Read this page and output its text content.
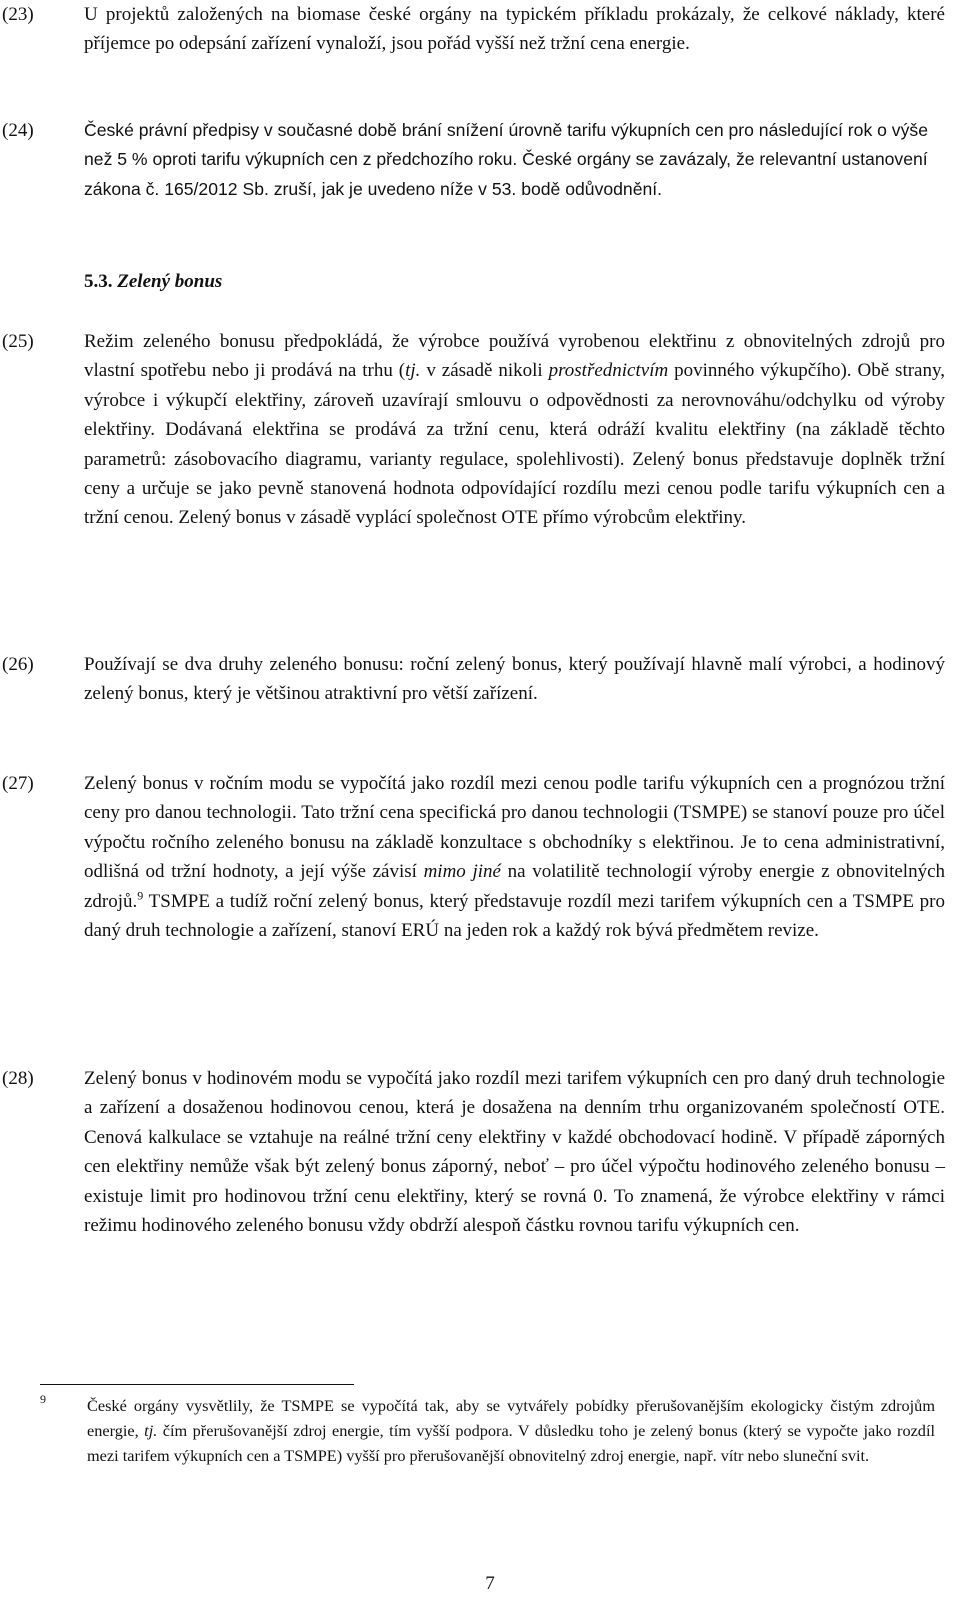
(23)	U projektů založených na biomase české orgány na typickém příkladu prokázaly, že celkové náklady, které příjemce po odepsání zařízení vynaloží, jsou pořád vyšší než tržní cena energie.
(24)	České právní předpisy v současné době brání snížení úrovně tarifu výkupních cen pro následující rok o výše než 5 % oproti tarifu výkupních cen z předchozího roku. České orgány se zavázaly, že relevantní ustanovení zákona č. 165/2012 Sb. zruší, jak je uvedeno níže v 53. bodě odůvodnění.
5.3. Zelený bonus
(25)	Režim zeleného bonusu předpokládá, že výrobce používá vyrobenou elektřinu z obnovitelných zdrojů pro vlastní spotřebu nebo ji prodává na trhu (tj. v zásadě nikoli prostřednictvím povinného výkupčího). Obě strany, výrobce i výkupčí elektřiny, zároveň uzavírají smlouvu o odpovědnosti za nerovnováhu/odchylku od výroby elektřiny. Dodávaná elektřina se prodává za tržní cenu, která odráží kvalitu elektřiny (na základě těchto parametrů: zásobovacího diagramu, varianty regulace, spolehlivosti). Zelený bonus představuje doplněk tržní ceny a určuje se jako pevně stanovená hodnota odpovídající rozdílu mezi cenou podle tarifu výkupních cen a tržní cenou. Zelený bonus v zásadě vyplácí společnost OTE přímo výrobcům elektřiny.
(26)	Používají se dva druhy zeleného bonusu: roční zelený bonus, který používají hlavně malí výrobci, a hodinový zelený bonus, který je většinou atraktivní pro větší zařízení.
(27)	Zelený bonus v ročním modu se vypočítá jako rozdíl mezi cenou podle tarifu výkupních cen a prognózou tržní ceny pro danou technologii. Tato tržní cena specifická pro danou technologii (TSMPE) se stanoví pouze pro účel výpočtu ročního zeleného bonusu na základě konzultace s obchodníky s elektřinou. Je to cena administrativní, odlišná od tržní hodnoty, a její výše závisí mimo jiné na volatilitě technologií výroby energie z obnovitelných zdrojů.$^9$ TSMPE a tudíž roční zelený bonus, který představuje rozdíl mezi tarifem výkupních cen a TSMPE pro daný druh technologie a zařízení, stanoví ERÚ na jeden rok a každý rok bývá předmětem revize.
(28)	Zelený bonus v hodinovém modu se vypočítá jako rozdíl mezi tarifem výkupních cen pro daný druh technologie a zařízení a dosaženou hodinovou cenou, která je dosažena na denním trhu organizovaném společností OTE. Cenová kalkulace se vztahuje na reálné tržní ceny elektřiny v každé obchodovací hodině. V případě záporných cen elektřiny nemůže však být zelený bonus záporný, neboť – pro účel výpočtu hodinového zeleného bonusu – existuje limit pro hodinovou tržní cenu elektřiny, který se rovná 0. To znamená, že výrobce elektřiny v rámci režimu hodinového zeleného bonusu vždy obdrží alespoň částku rovnou tarifu výkupních cen.
9	České orgány vysvětlily, že TSMPE se vypočítá tak, aby se vytvářely pobídky přerušovanějším ekologicky čistým zdrojům energie, tj. čím přerušovanější zdroj energie, tím vyšší podpora. V důsledku toho je zelený bonus (který se vypočte jako rozdíl mezi tarifem výkupních cen a TSMPE) vyšší pro přerušovanější obnovitelný zdroj energie, např. vítr nebo sluneční svit.
7
